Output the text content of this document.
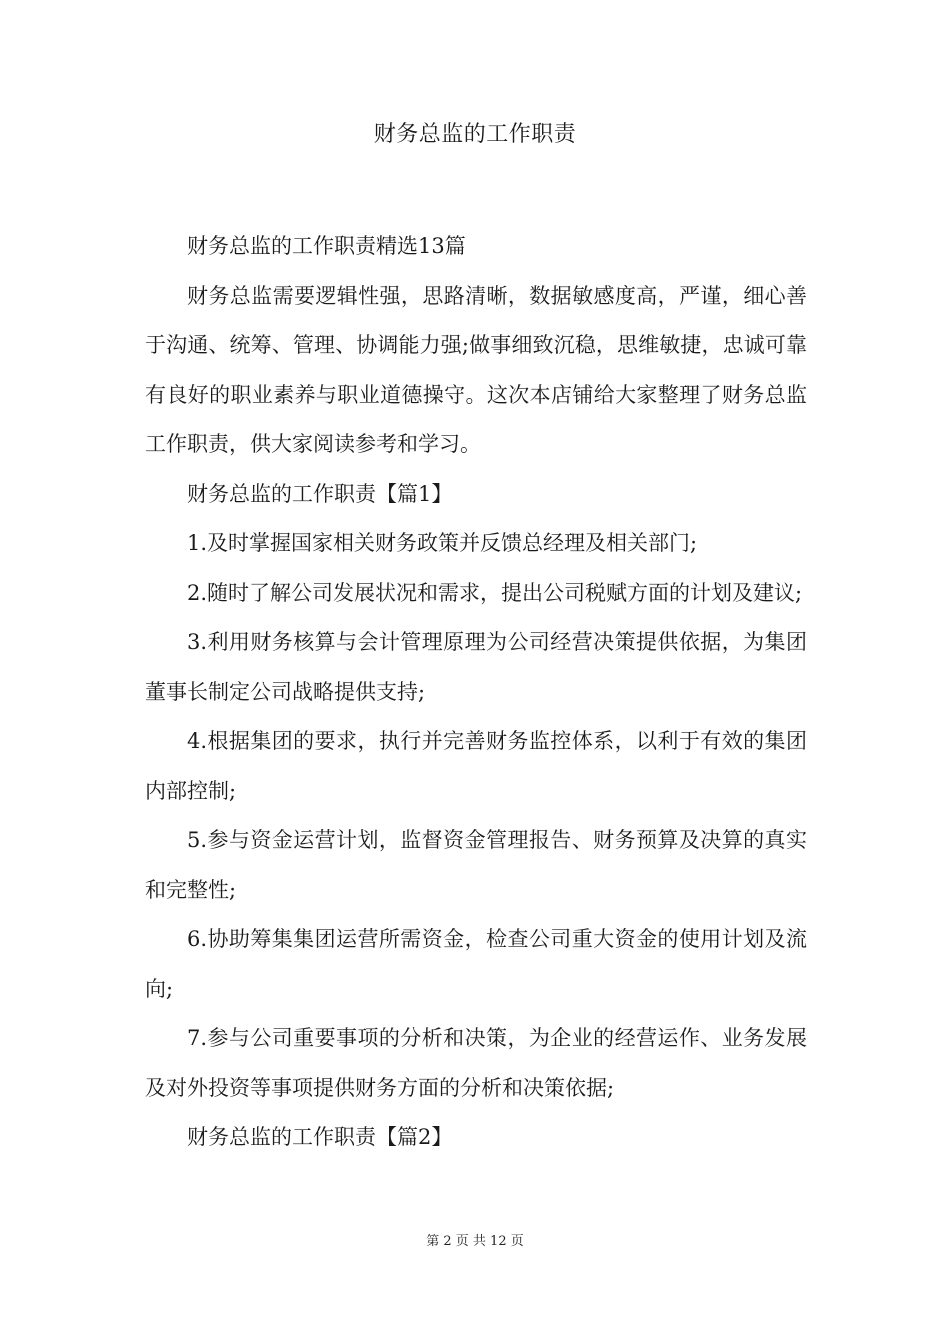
财务总监的工作职责

财务总监的工作职责精选13篇

财务总监需要逻辑性强，思路清晰，数据敏感度高，严谨，细心善于沟通、统筹、管理、协调能力强;做事细致沉稳，思维敏捷，忠诚可靠有良好的职业素养与职业道德操守。这次本店铺给大家整理了财务总监工作职责，供大家阅读参考和学习。

财务总监的工作职责【篇1】

1.及时掌握国家相关财务政策并反馈总经理及相关部门;

2.随时了解公司发展状况和需求，提出公司税赋方面的计划及建议;

3.利用财务核算与会计管理原理为公司经营决策提供依据，为集团董事长制定公司战略提供支持;

4.根据集团的要求，执行并完善财务监控体系，以利于有效的集团内部控制;

5.参与资金运营计划，监督资金管理报告、财务预算及决算的真实和完整性;

6.协助筹集集团运营所需资金，检查公司重大资金的使用计划及流向;

7.参与公司重要事项的分析和决策，为企业的经营运作、业务发展及对外投资等事项提供财务方面的分析和决策依据;

财务总监的工作职责【篇2】

第 2 页 共 12 页
